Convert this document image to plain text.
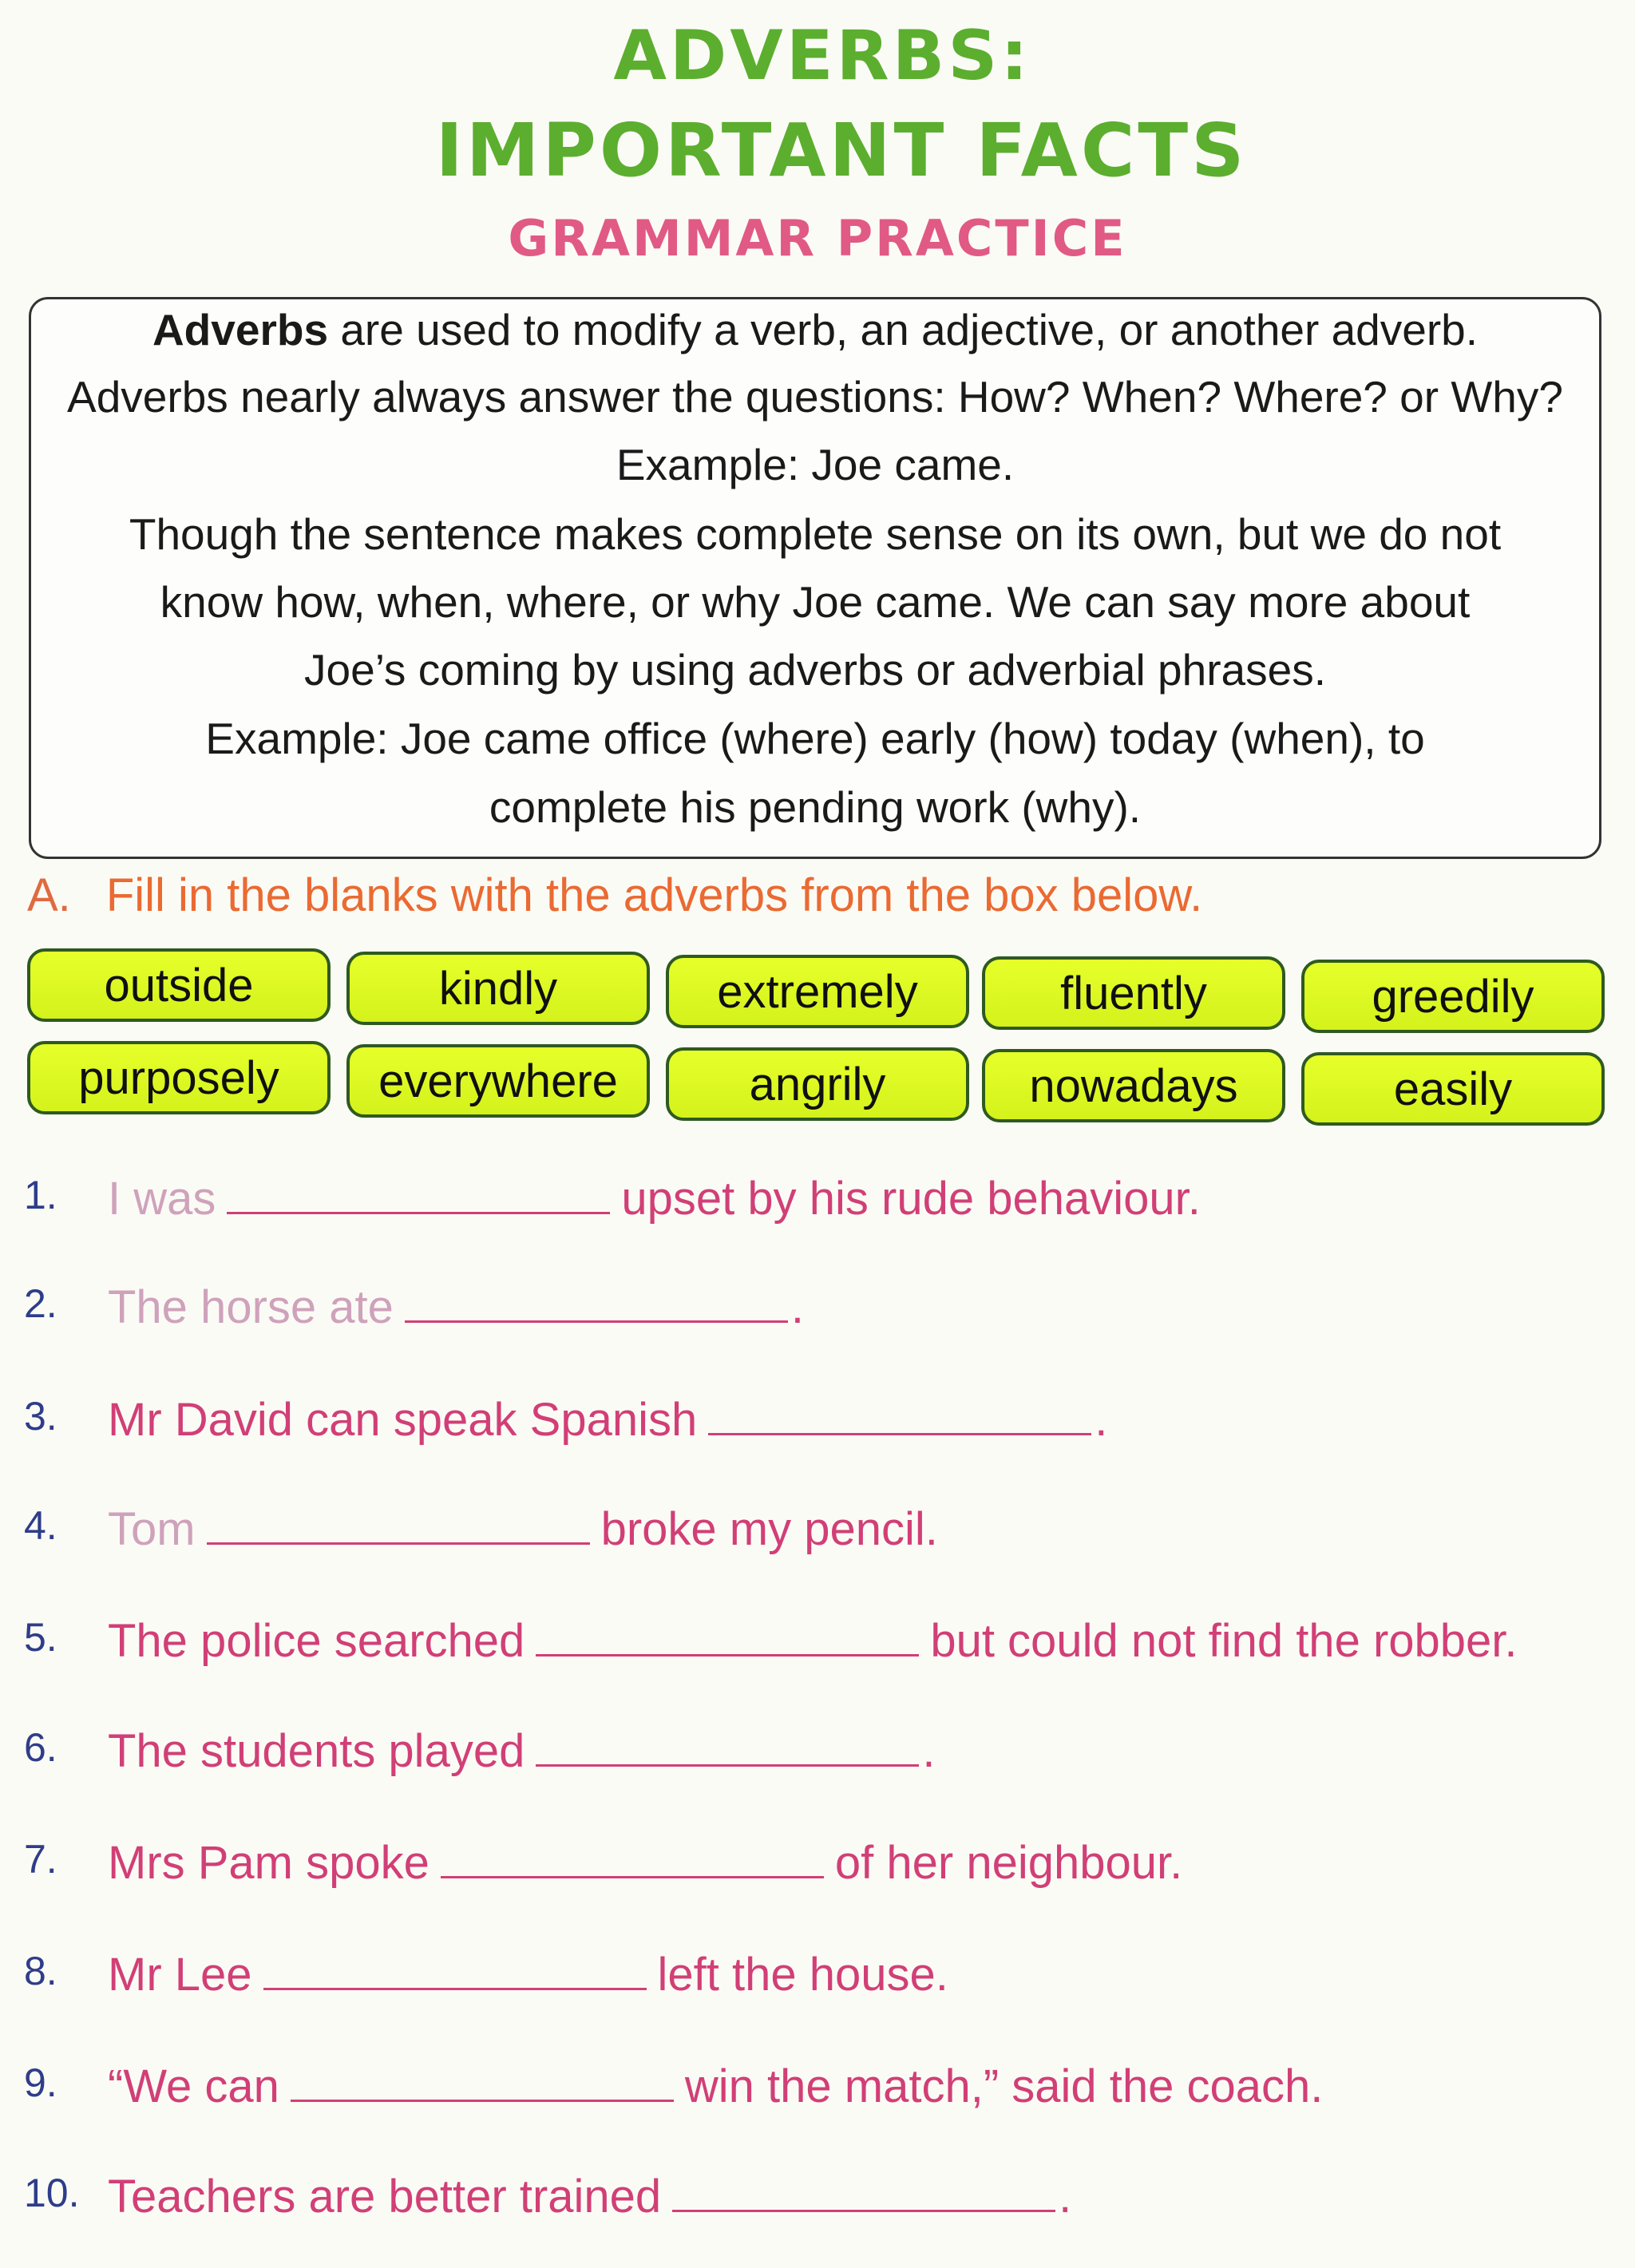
ADVERBS:
IMPORTANT FACTS
GRAMMAR PRACTICE
Adverbs are used to modify a verb, an adjective, or another adverb.
Adverbs nearly always answer the questions: How? When? Where? or Why?
Example: Joe came.
Though the sentence makes complete sense on its own, but we do not
know how, when, where, or why Joe came. We can say more about
Joe’s coming by using adverbs or adverbial phrases.
Example: Joe came office (where) early (how) today (when), to
complete his pending work (why).
A. Fill in the blanks with the adverbs from the box below.
outside	kindly	extremely	fluently	greedily
purposely	everywhere	angrily	nowadays	easily
1. I was	upset by his rude behaviour.
2. The horse ate	.
3. Mr David can speak Spanish	.
4. Tom	broke my pencil.
5. The police searched	but could not find the robber.
6. The students played	.
7. Mrs Pam spoke	of her neighbour.
8. Mr Lee	left the house.
9. “We can	win the match,” said the coach.
10. Teachers are better trained	.
